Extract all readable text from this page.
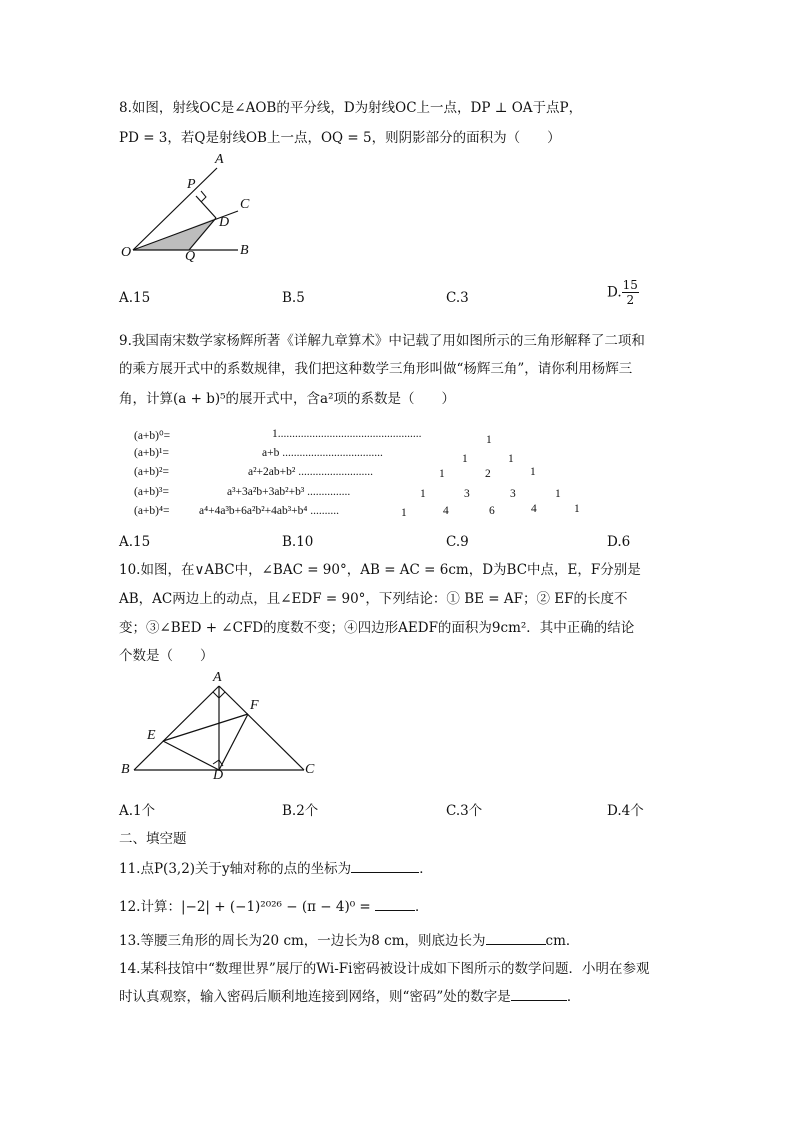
8.如图，射线OC是∠AOB的平分线，D为射线OC上一点，DP ⊥ OA于点P，
PD = 3，若Q是射线OB上一点，OQ = 5，则阴影部分的面积为（　　）
A
P
C
D
O	Q	B
A.15	B.5	C.3	D. $\frac{15}{2}$
9.我国南宋数学家杨辉所著《详解九章算术》中记载了用如图所示的三角形解释了二项和
的乘方展开式中的系数规律，我们把这种数学三角形叫做“杨辉三角”，请你利用杨辉三
角，计算(a + b)⁵的展开式中，含a²项的系数是（　　）
(a+b)⁰=	1..................................................	1
(a+b)¹=	a+b ...................................	1	1
(a+b)²=	a²+2ab+b² ..........................	1	2	1
(a+b)³=	a³+3a²b+3ab²+b³ ...............	1	3	3	1
(a+b)⁴=	a⁴+4a³b+6a²b²+4ab³+b⁴ ..........	1	4	6	4	1
A.15	B.10	C.9	D.6
10.如图，在∨ABC中，∠BAC = 90°，AB = AC = 6cm，D为BC中点，E，F分别是
AB，AC两边上的动点，且∠EDF = 90°，下列结论：① BE = AF；② EF的长度不
变；③∠BED + ∠CFD的度数不变；④四边形AEDF的面积为9cm²．其中正确的结论
个数是（　　）
A
F
E
B	D	C
A.1个	B.2个	C.3个	D.4个
二、填空题
11.点P(3,2)关于y轴对称的点的坐标为	．
12.计算：|−2| + (−1)²⁰²⁶ − (π − 4)⁰ =	．
13.等腰三角形的周长为20 cm，一边长为8 cm，则底边长为	cm．
14.某科技馆中“数理世界”展厅的Wi-Fi密码被设计成如下图所示的数学问题．小明在参观
时认真观察，输入密码后顺利地连接到网络，则“密码”处的数字是	．
